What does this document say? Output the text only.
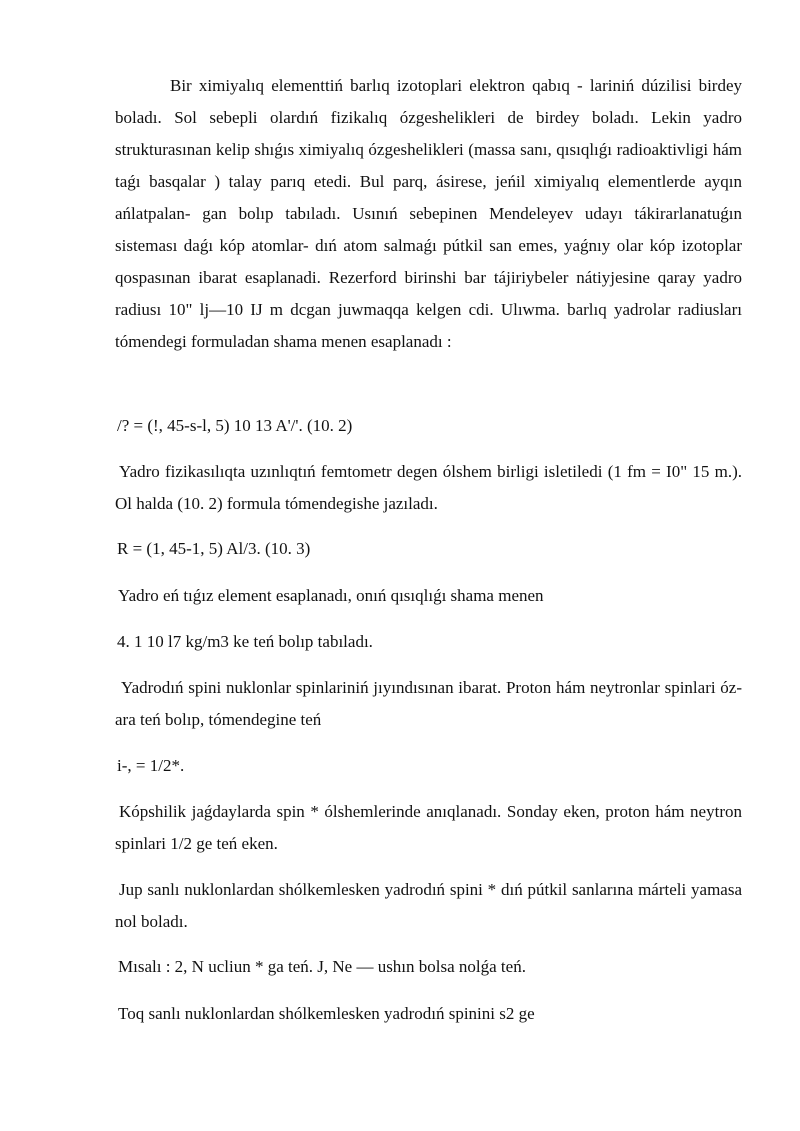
Bir ximiyalıq elementtiń barlıq izotoplari elektron qabıq - lariniń dúzilisi birdey boladı. Sol sebepli olardıń fizikalıq ózgeshelikleri de birdey boladı. Lekin yadro strukturasınan kelip shıǵıs ximiyalıq ózgeshelikleri (massa sanı, qısıqlıǵı radioaktivligi hám taǵı basqalar ) talay parıq etedi. Bul parq, ásirese, jeńil ximiyalıq elementlerde ayqın ańlatpalan- gan bolıp tabıladı. Usınıń sebepinen Mendeleyev udayı tákirarlanatuǵın sisteması daǵı kóp atomlar- dıń atom salmaǵı pútkil san emes, yaǵnıy olar kóp izotoplar qospasınan ibarat esaplanadi. Rezerford birinshi bar tájiriybeler nátiyjesine qaray yadro radiusı 10" lj—10 IJ m dcgan juwmaqqa kelgen cdi. Ulıwma. barlıq yadrolar radiusları tómendegi formuladan shama menen esaplanadı :

/? = (!, 45-s-l, 5) 10 13 A'/'. (10. 2)

Yadro fizikasılıqta uzınlıqtıń femtometr degen ólshem birligi isletiledi (1 fm = I0" 15 m.). Ol halda (10. 2) formula tómendegishe jazıladı.

R = (1, 45-1, 5) Al/3. (10. 3)

Yadro eń tıǵız element esaplanadı, onıń qısıqlıǵı shama menen

4. 1 10 l7 kg/m3 ke teń bolıp tabıladı.

Yadrodıń spini nuklonlar spinlariniń jıyındısınan ibarat. Proton hám neytronlar spinlari óz-ara teń bolıp, tómendegine teń

i-, = 1/2*.

Kópshilik jaǵdaylarda spin * ólshemlerinde anıqlanadı. Sonday eken, proton hám neytron spinlari 1/2 ge teń eken.

Jup sanlı nuklonlardan shólkemlesken yadrodıń spini * dıń pútkil sanlarına márteli yamasa nol boladı.

Mısalı : 2, N ucliun * ga teń. J, Ne — ushın bolsa nolǵa teń.

Toq sanlı nuklonlardan shólkemlesken yadrodıń spinini s2 ge
